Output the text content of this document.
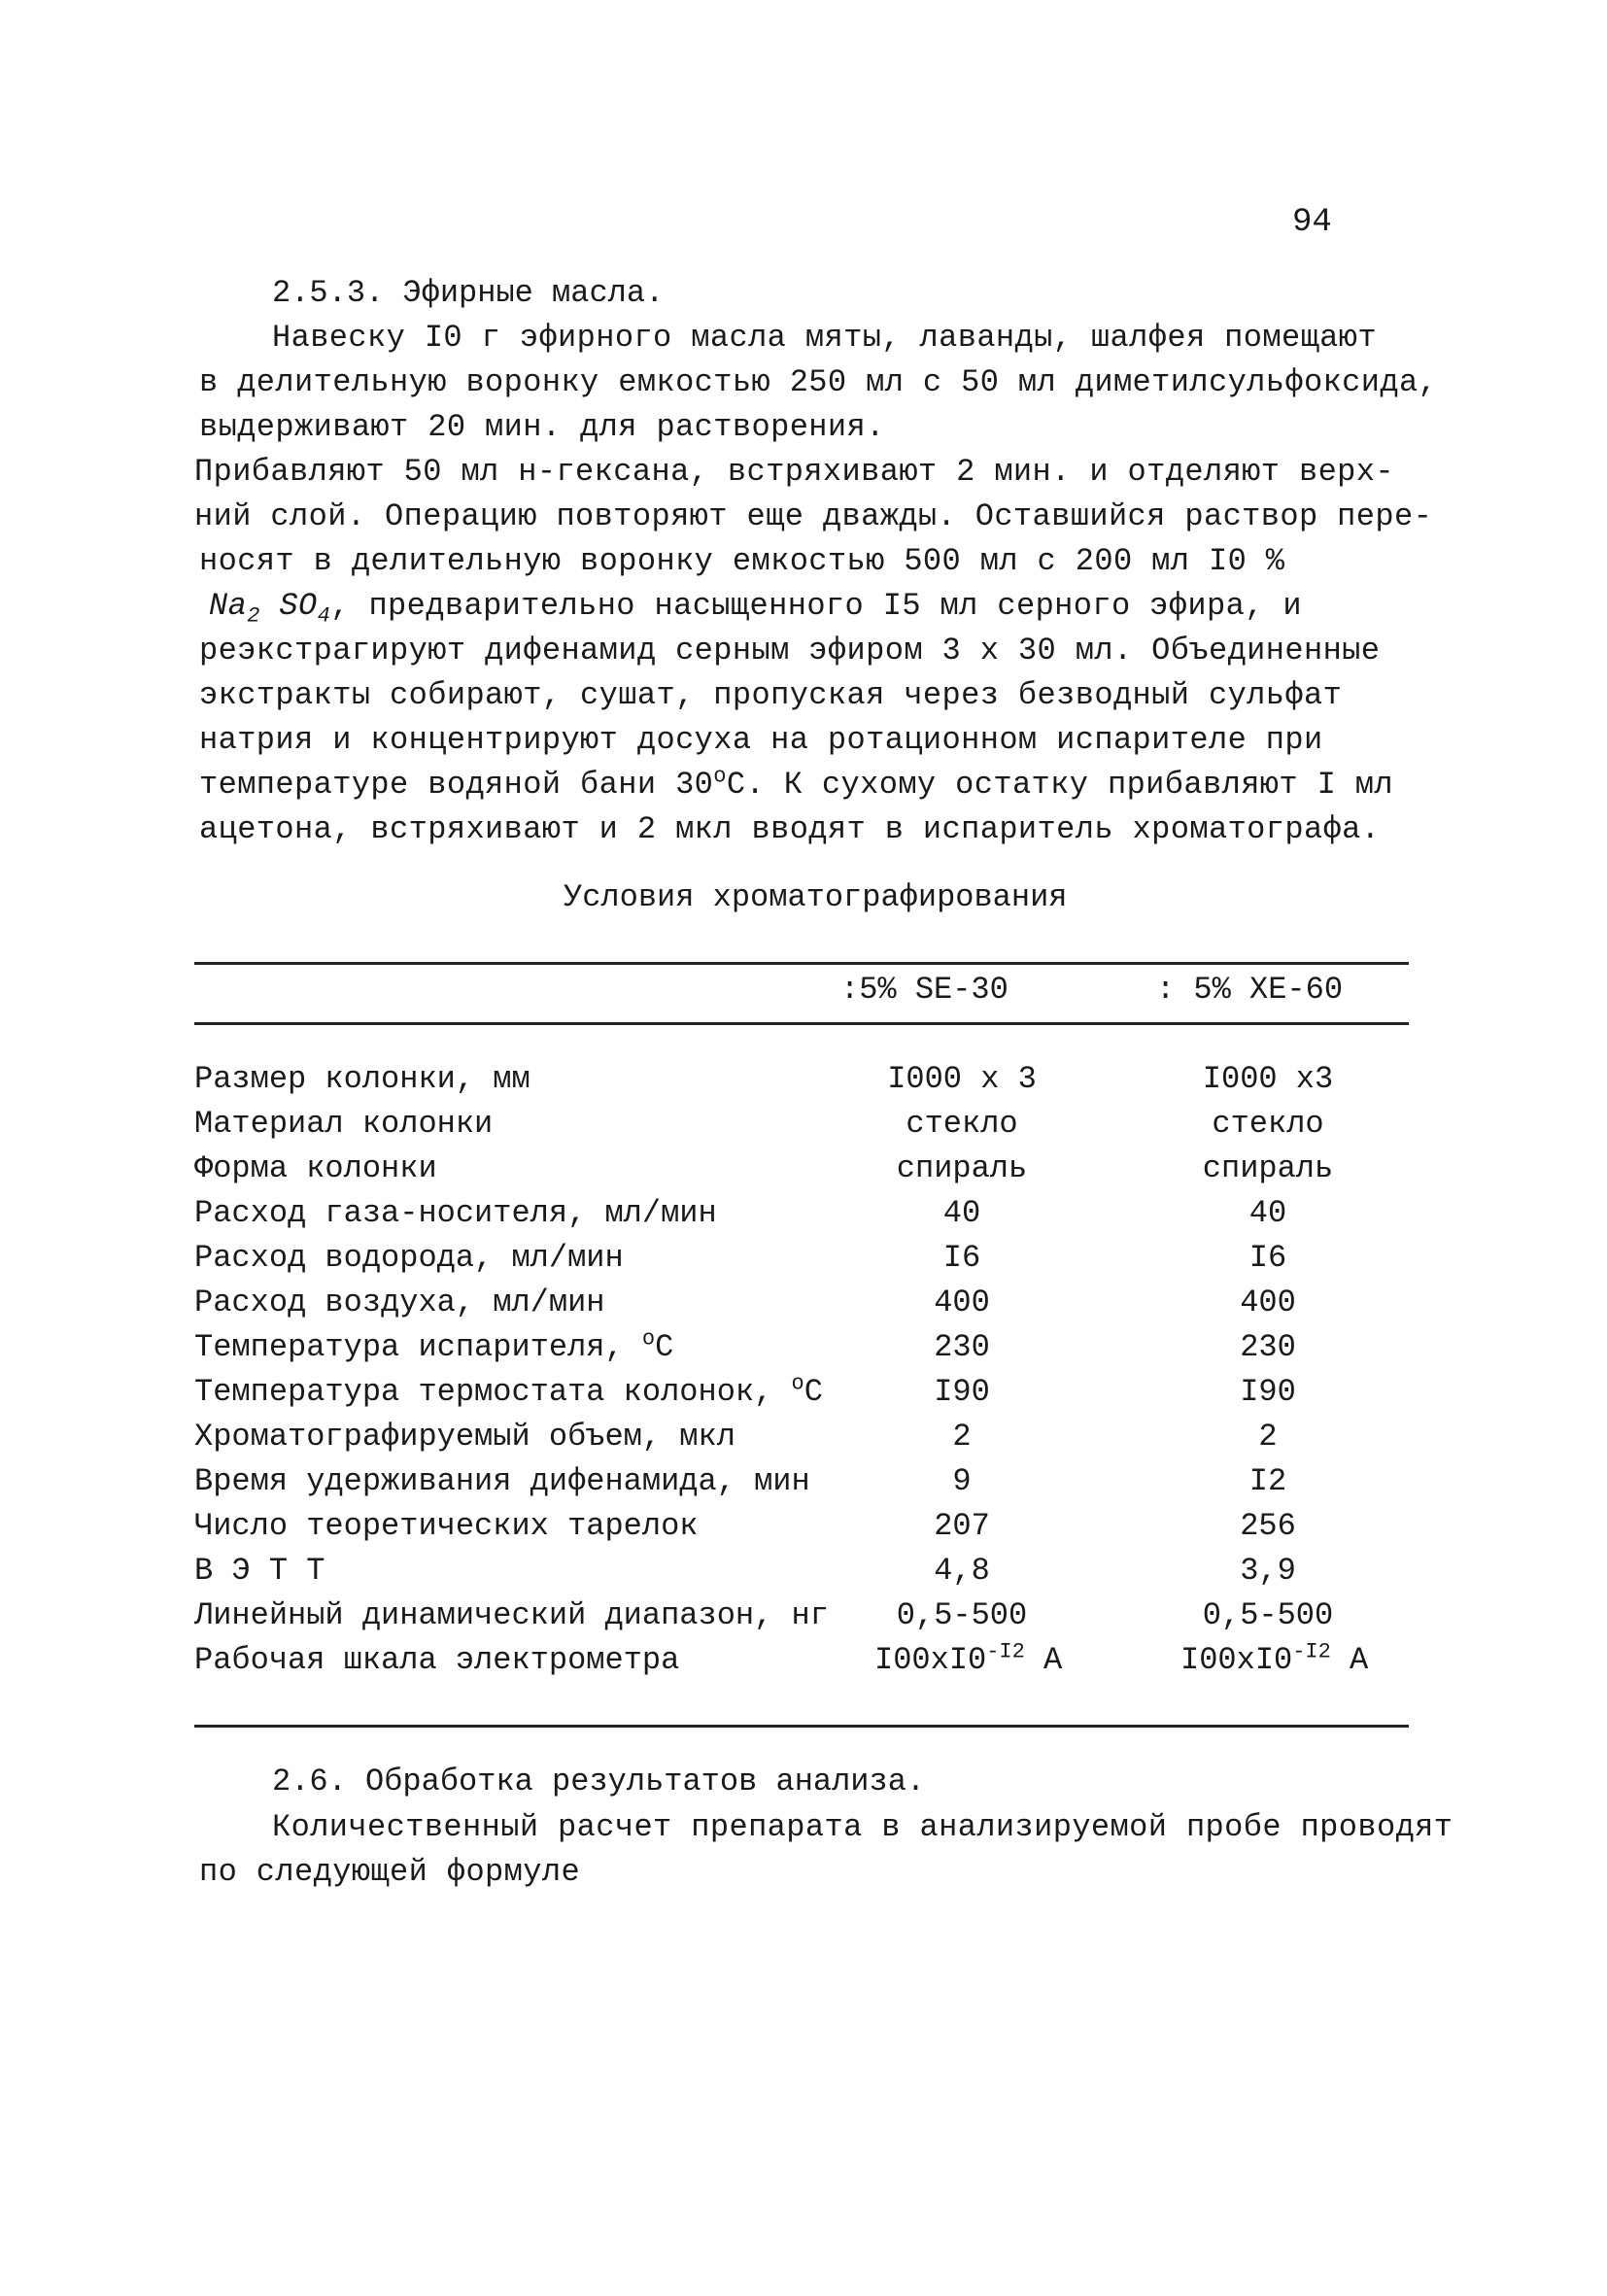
94
2.5.3. Эфирные масла.
Навеску I0 г эфирного масла мяты, лаванды, шалфея помещают
в делительную воронку емкостью 250 мл с 50 мл диметилсульфоксида,
выдерживают 20 мин. для растворения.
Прибавляют 50 мл н-гексана, встряхивают 2 мин. и отделяют верх-
ний слой. Операцию повторяют еще дважды. Оставшийся раствор пере-
носят в делительную воронку емкостью 500 мл с 200 мл I0 %
$Na_2$ $SO_4$, предварительно насыщенного I5 мл серного эфира, и
реэкстрагируют дифенамид серным эфиром 3 х 30 мл. Объединенные
экстракты собирают, сушат, пропуская через безводный сульфат
натрия и концентрируют досуха на ротационном испарителе при
температуре водяной бани $30^оС$. К сухому остатку прибавляют I мл
ацетона, встряхивают и 2 мкл вводят в испаритель хроматографа.
Условия хроматографирования
:5% SE-30	: 5% XE-60
Размер колонки, мм	I000 х 3	I000 х3
Материал колонки	стекло	стекло
Форма колонки	спираль	спираль
Расход газа-носителя, мл/мин	40	40
Расход водорода, мл/мин	I6	I6
Расход воздуха, мл/мин	400	400
Температура испарителя, $^о$С	230	230
Температура термостата колонок, $^о$С	I90	I90
Хроматографируемый объем, мкл	2	2
Время удерживания дифенамида, мин	9	I2
Число теоретических тарелок	207	256
В Э Т Т	4,8	3,9
Линейный динамический диапазон, нг	0,5-500	0,5-500
Рабочая шкала электрометра	$I00хI0^{-I2}$ А	$I00хI0^{-I2}$ А
2.6. Обработка результатов анализа.
Количественный расчет препарата в анализируемой пробе проводят
по следующей формуле
